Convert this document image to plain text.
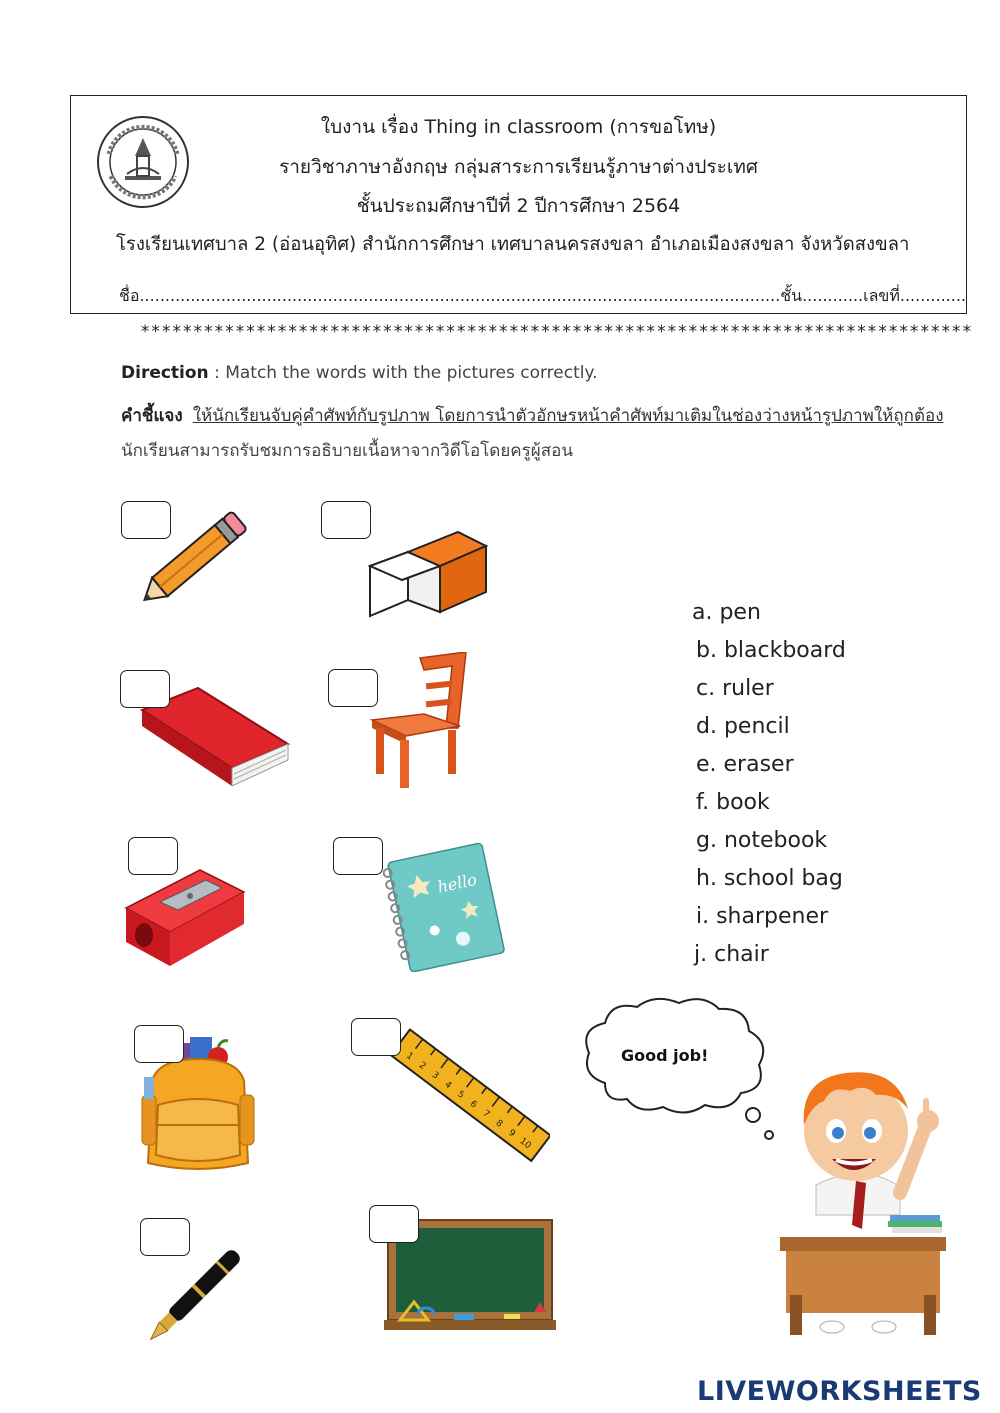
ใบงาน เรื่อง Thing in classroom (การขอโทษ)
รายวิชาภาษาอังกฤษ กลุ่มสาระการเรียนรู้ภาษาต่างประเทศ
ชั้นประถมศึกษาปีที่ 2 ปีการศึกษา 2564
โรงเรียนเทศบาล 2 (อ่อนอุทิศ) สำนักการศึกษา เทศบาลนครสงขลา อำเภอเมืองสงขลา จังหวัดสงขลา
ชื่อ..............................................................................................................................ชั้น............เลขที่.............
*******************************************************************************
Direction : Match the words with the pictures correctly.
คำชี้แจง ให้นักเรียนจับคู่คำศัพท์กับรูปภาพ โดยการนำตัวอักษรหน้าคำศัพท์มาเติมในช่องว่างหน้ารูปภาพให้ถูกต้อง
นักเรียนสามารถรับชมการอธิบายเนื้อหาจากวิดีโอโดยครูผู้สอน
hello
1
2
3
4
5
6
7
8
9
10
a. pen
b. blackboard
c. ruler
d. pencil
e. eraser
f. book
g. notebook
h. school bag
i. sharpener
j. chair
Good job!
LIVEWORKSHEETS
